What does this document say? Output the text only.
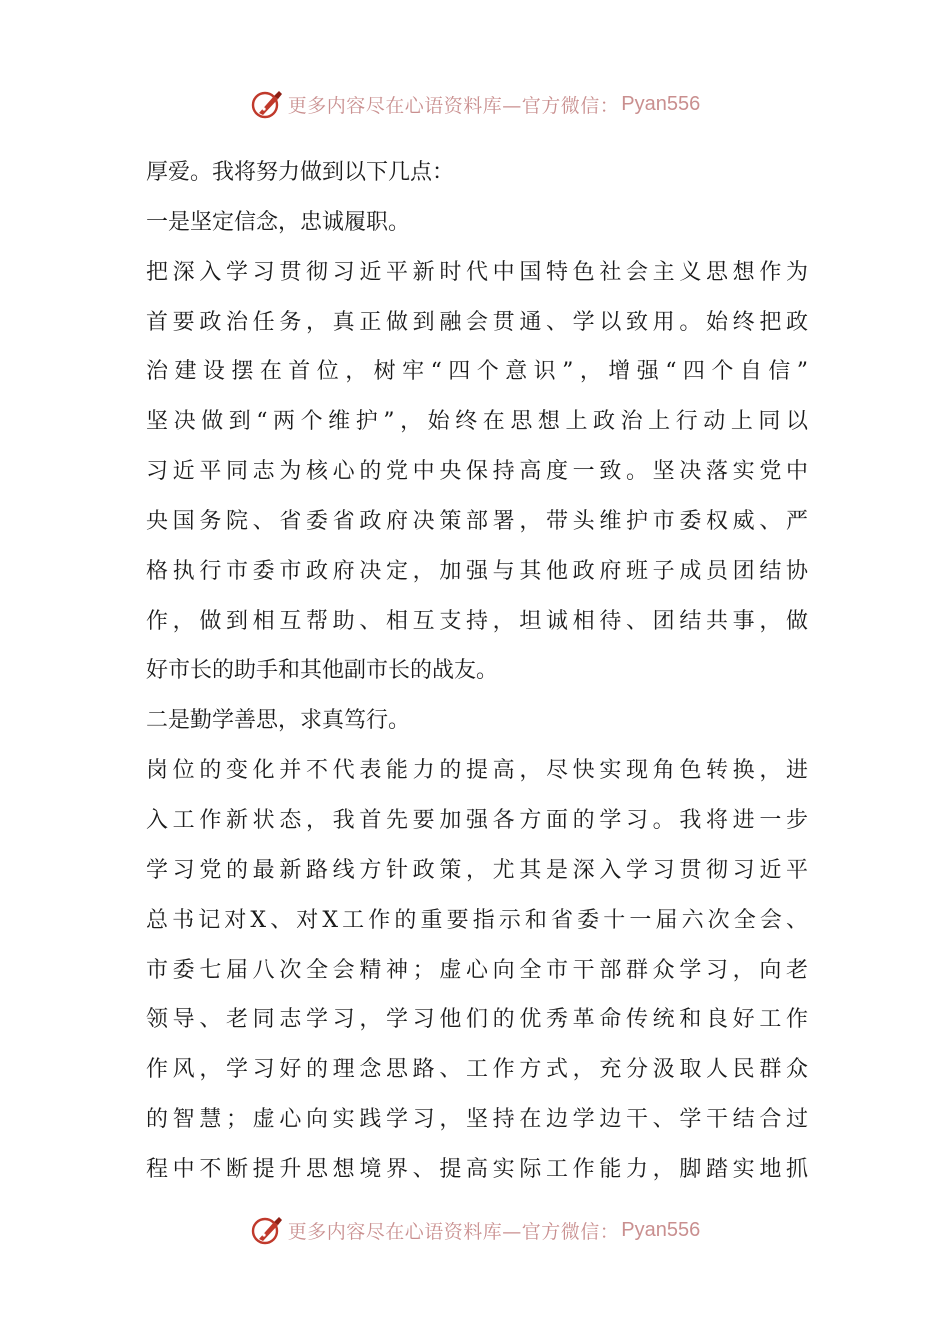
更多内容尽在心语资料库—官方微信： Pyan556
厚爱。我将努力做到以下几点：
一是坚定信念，忠诚履职。
把深入学习贯彻习近平新时代中国特色社会主义思想作为
首要政治任务，真正做到融会贯通、学以致用。始终把政
治建设摆在首位，树牢“四个意识”，增强“四个自信”
坚决做到“两个维护”，始终在思想上政治上行动上同以
习近平同志为核心的党中央保持高度一致。坚决落实党中
央国务院、省委省政府决策部署，带头维护市委权威、严
格执行市委市政府决定，加强与其他政府班子成员团结协
作，做到相互帮助、相互支持，坦诚相待、团结共事，做
好市长的助手和其他副市长的战友。
二是勤学善思，求真笃行。
岗位的变化并不代表能力的提高，尽快实现角色转换，进
入工作新状态，我首先要加强各方面的学习。我将进一步
学习党的最新路线方针政策，尤其是深入学习贯彻习近平
总书记对X、对X工作的重要指示和省委十一届六次全会、
市委七届八次全会精神；虚心向全市干部群众学习，向老
领导、老同志学习，学习他们的优秀革命传统和良好工作
作风，学习好的理念思路、工作方式，充分汲取人民群众
的智慧；虚心向实践学习，坚持在边学边干、学干结合过
程中不断提升思想境界、提高实际工作能力，脚踏实地抓
更多内容尽在心语资料库—官方微信： Pyan556
